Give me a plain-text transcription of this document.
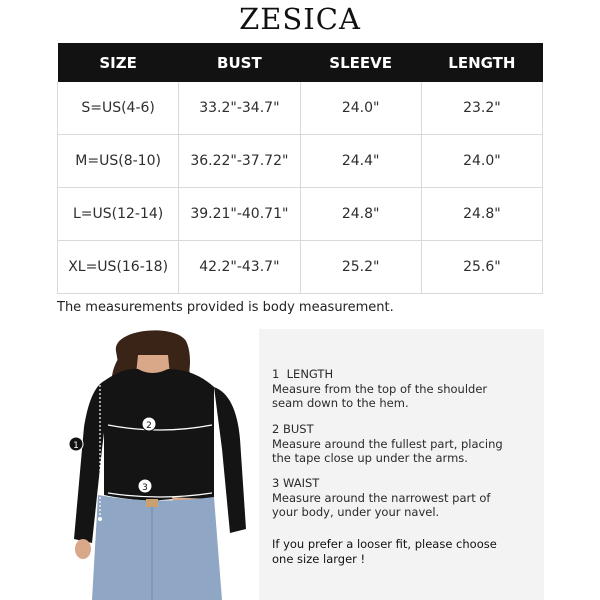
ZESICA
SIZE	BUST	SLEEVE	LENGTH
S=US(4-6)	33.2"-34.7"	24.0"	23.2"
M=US(8-10)	36.22"-37.72"	24.4"	24.0"
L=US(12-14)	39.21"-40.71"	24.8"	24.8"
XL=US(16-18)	42.2"-43.7"	25.2"	25.6"
The measurements provided is body measurement.
1
2
3
1 LENGTH
Measure from the top of the shoulder
seam down to the hem.
2 BUST
Measure around the fullest part, placing
the tape close up under the arms.
3 WAIST
Measure around the narrowest part of
your body, under your navel.
If you prefer a looser fit, please choose
one size larger !
